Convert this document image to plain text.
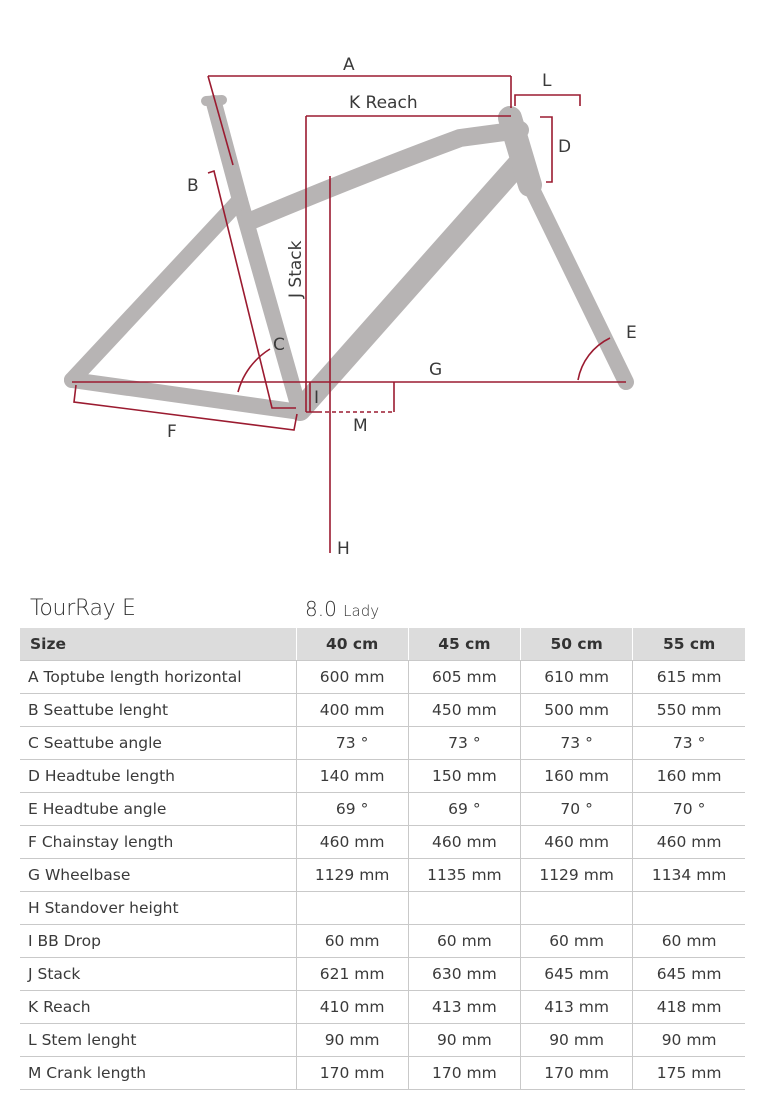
A
L
K Reach
D
B
J Stack
C
E
G
I
M
F
H
TourRay E	8.0 Lady
Size	40 cm	45 cm	50 cm	55 cm
A Toptube length horizontal	600 mm	605 mm	610 mm	615 mm
B Seattube lenght	400 mm	450 mm	500 mm	550 mm
C Seattube angle	73 °	73 °	73 °	73 °
D Headtube length	140 mm	150 mm	160 mm	160 mm
E Headtube angle	69 °	69 °	70 °	70 °
F Chainstay length	460 mm	460 mm	460 mm	460 mm
G Wheelbase	1129 mm	1135 mm	1129 mm	1134 mm
H Standover height				
I BB Drop	60 mm	60 mm	60 mm	60 mm
J Stack	621 mm	630 mm	645 mm	645 mm
K Reach	410 mm	413 mm	413 mm	418 mm
L Stem lenght	90 mm	90 mm	90 mm	90 mm
M Crank length	170 mm	170 mm	170 mm	175 mm
